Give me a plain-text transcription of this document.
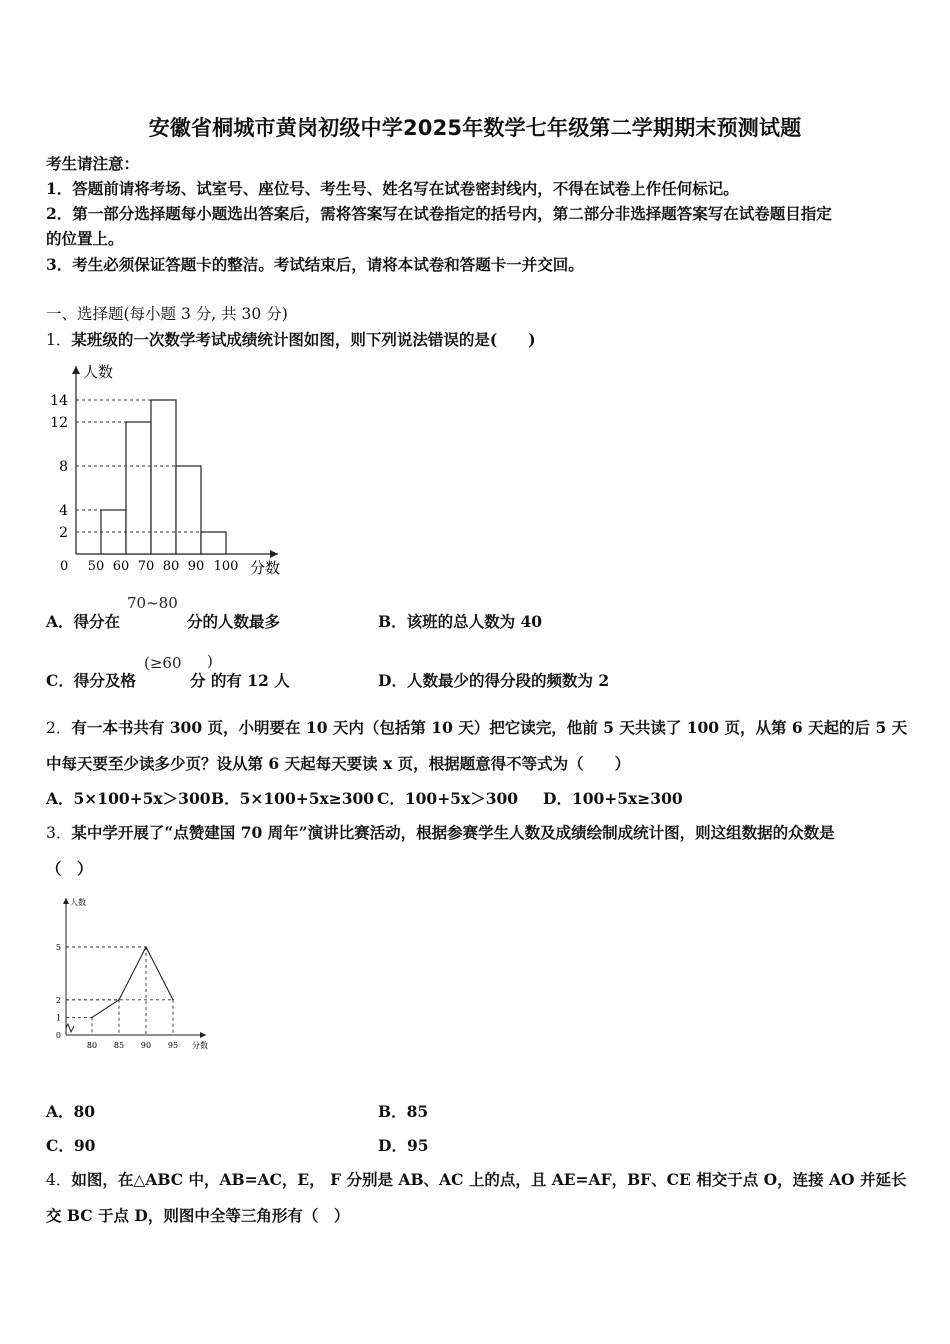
安徽省桐城市黄岗初级中学2025年数学七年级第二学期期末预测试题
考生请注意：
1．答题前请将考场、试室号、座位号、考生号、姓名写在试卷密封线内，不得在试卷上作任何标记。
2．第一部分选择题每小题选出答案后，需将答案写在试卷指定的括号内，第二部分非选择题答案写在试卷题目指定
的位置上。
3．考生必须保证答题卡的整洁。考试结束后，请将本试卷和答题卡一并交回。
一、选择题(每小题 3 分, 共 30 分)
1．某班级的一次数学考试成绩统计图如图，则下列说法错误的是(　　)
2
4
8
12
14
0 50 60 70 80 90 100 分数
人数
A．得分在
70~80
分的人数最多	B．该班的总人数为 40
C．得分及格
(≥60 )
分 的有 12 人	D．人数最少的得分段的频数为 2
2．有一本书共有 300 页，小明要在 10 天内（包括第 10 天）把它读完，他前 5 天共读了 100 页，从第 6 天起的后 5 天
中每天要至少读多少页？设从第 6 天起每天要读 x 页，根据题意得不等式为（　　）
A．5×100+5x＞300 B．5×100+5x≥300 C．100+5x＞300 D．100+5x≥300
3．某中学开展了“点赞建国 70 周年”演讲比赛活动，根据参赛学生人数及成绩绘制成统计图，则这组数据的众数是
（　）
0
1
2
5
80 85 90 95 分数
人数
A．80	B．85
C．90	D．95
4．如图，在△ABC 中，AB=AC，E， F 分别是 AB、AC 上的点，且 AE=AF，BF、CE 相交于点 O，连接 AO 并延长
交 BC 于点 D，则图中全等三角形有（　）
